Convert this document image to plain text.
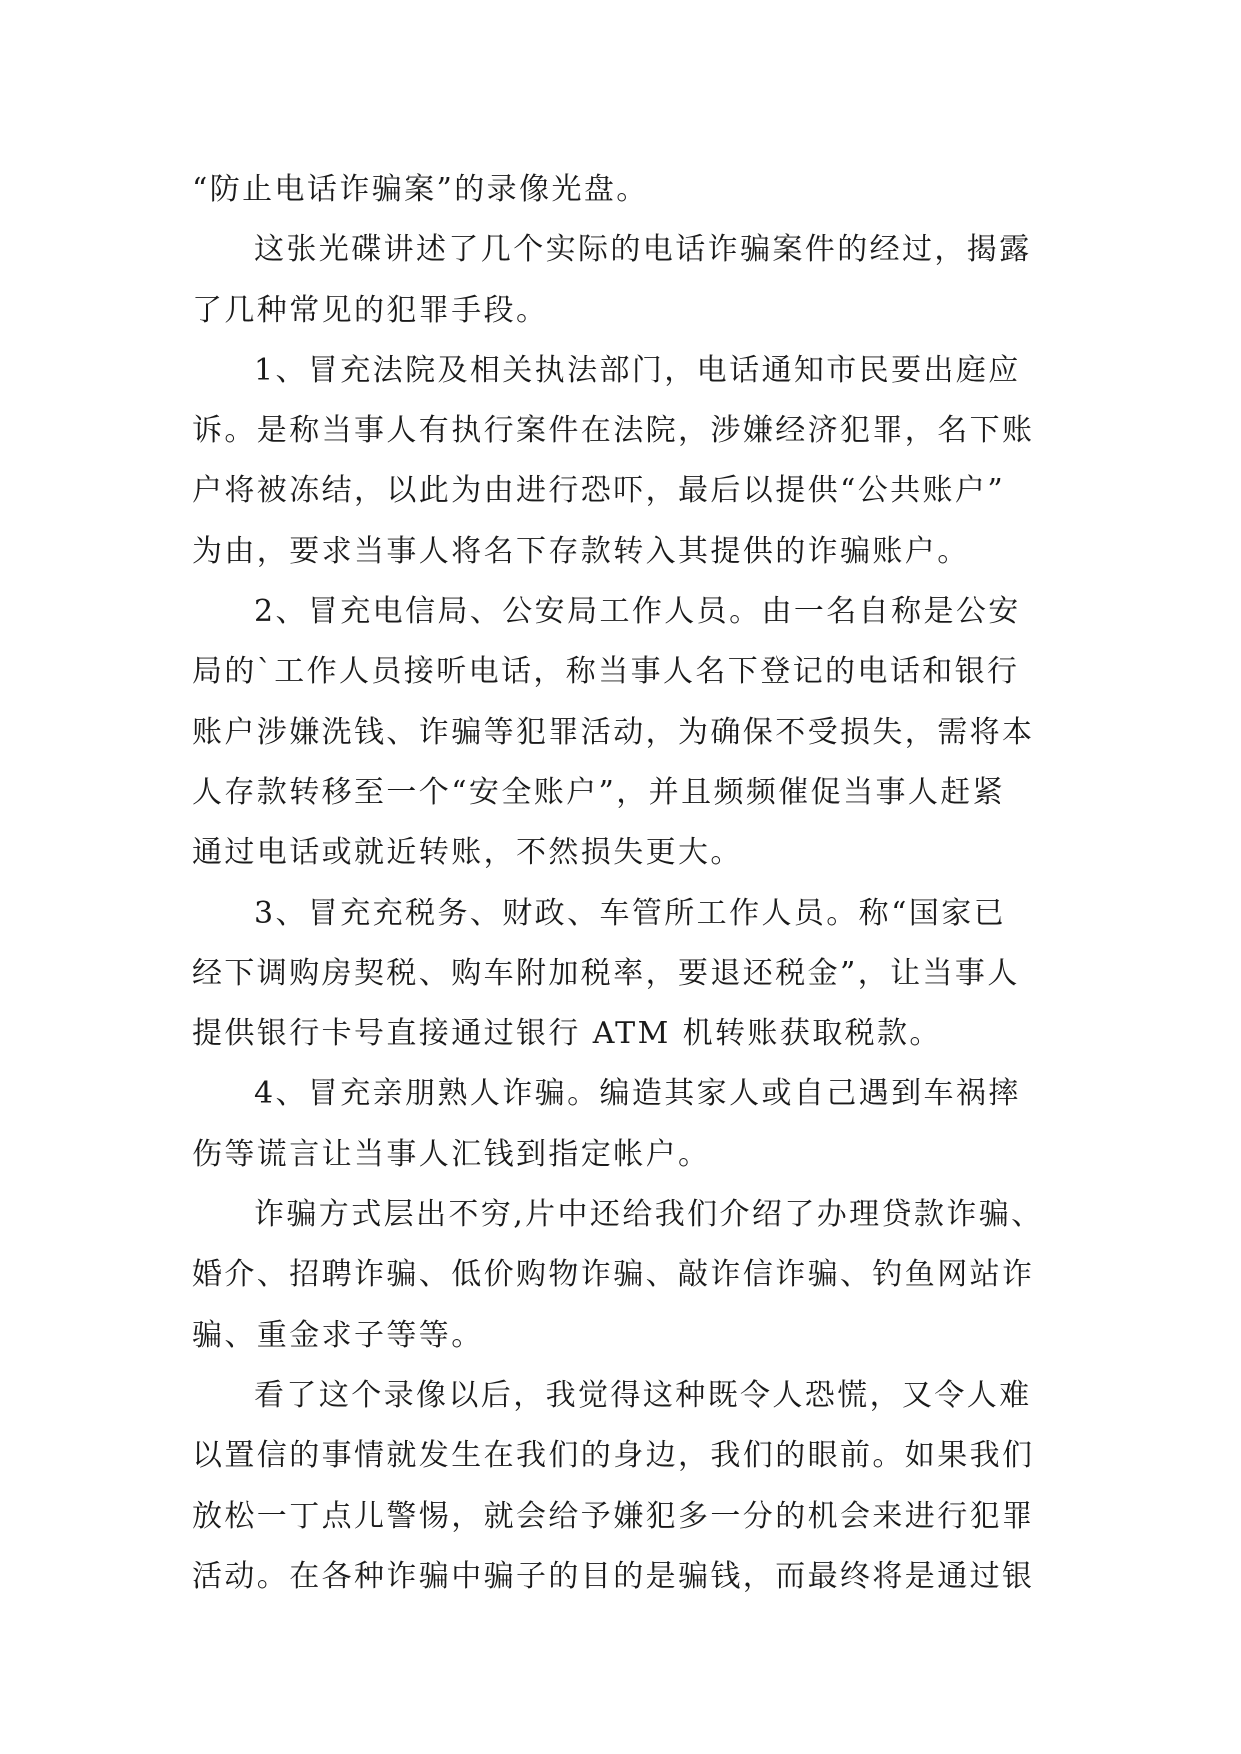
“防止电话诈骗案”的录像光盘。
这张光碟讲述了几个实际的电话诈骗案件的经过，揭露
了几种常见的犯罪手段。
1、冒充法院及相关执法部门，电话通知市民要出庭应
诉。是称当事人有执行案件在法院，涉嫌经济犯罪，名下账
户将被冻结，以此为由进行恐吓，最后以提供“公共账户”
为由，要求当事人将名下存款转入其提供的诈骗账户。
2、冒充电信局、公安局工作人员。由一名自称是公安
局的`工作人员接听电话，称当事人名下登记的电话和银行
账户涉嫌洗钱、诈骗等犯罪活动，为确保不受损失，需将本
人存款转移至一个“安全账户”，并且频频催促当事人赶紧
通过电话或就近转账，不然损失更大。
3、冒充充税务、财政、车管所工作人员。称“国家已
经下调购房契税、购车附加税率，要退还税金”，让当事人
提供银行卡号直接通过银行 ATM 机转账获取税款。
4、冒充亲朋熟人诈骗。编造其家人或自己遇到车祸摔
伤等谎言让当事人汇钱到指定帐户。
诈骗方式层出不穷,片中还给我们介绍了办理贷款诈骗、
婚介、招聘诈骗、低价购物诈骗、敲诈信诈骗、钓鱼网站诈
骗、重金求子等等。
看了这个录像以后，我觉得这种既令人恐慌，又令人难
以置信的事情就发生在我们的身边，我们的眼前。如果我们
放松一丁点儿警惕，就会给予嫌犯多一分的机会来进行犯罪
活动。在各种诈骗中骗子的目的是骗钱，而最终将是通过银
